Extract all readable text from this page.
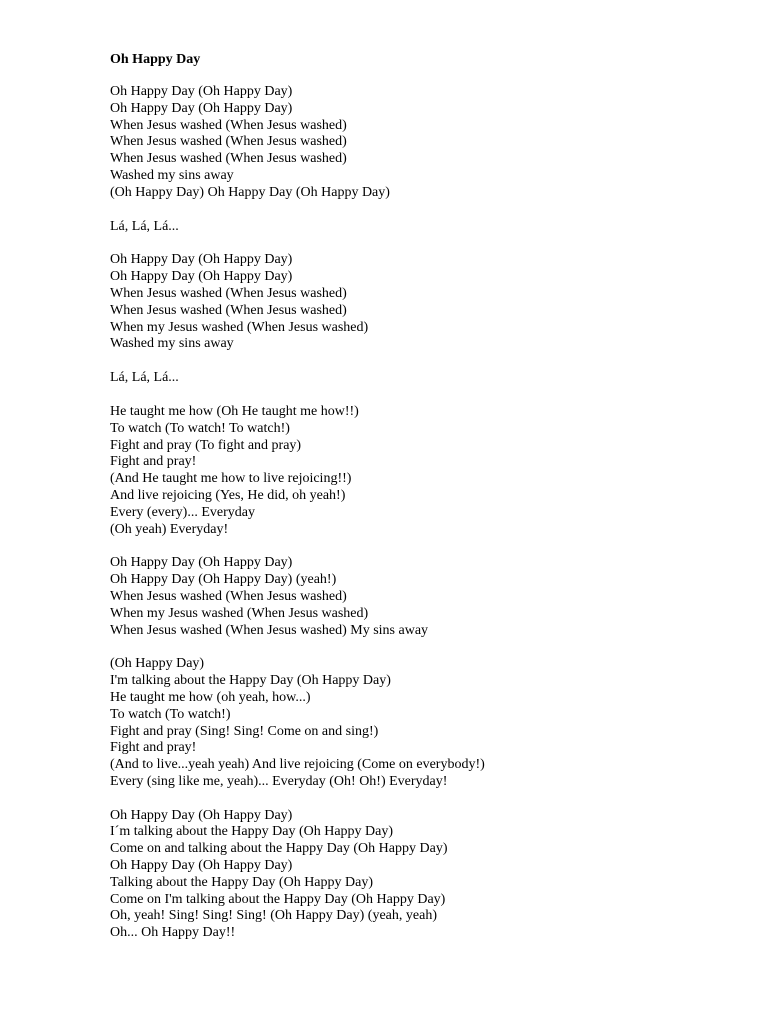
Oh Happy Day
Oh Happy Day (Oh Happy Day)
Oh Happy Day (Oh Happy Day)
When Jesus washed (When Jesus washed)
When Jesus washed (When Jesus washed)
When Jesus washed (When Jesus washed)
Washed my sins away
(Oh Happy Day) Oh Happy Day (Oh Happy Day)
Lá, Lá, Lá...
Oh Happy Day (Oh Happy Day)
Oh Happy Day (Oh Happy Day)
When Jesus washed (When Jesus washed)
When Jesus washed (When Jesus washed)
When my Jesus washed (When Jesus washed)
Washed my sins away
Lá, Lá, Lá...
He taught me how (Oh He taught me how!!)
To watch (To watch! To watch!)
Fight and pray (To fight and pray)
Fight and pray!
(And He taught me how to live rejoicing!!)
And live rejoicing (Yes, He did, oh yeah!)
Every (every)... Everyday
(Oh yeah) Everyday!
Oh Happy Day (Oh Happy Day)
Oh Happy Day (Oh Happy Day) (yeah!)
When Jesus washed (When Jesus washed)
When my Jesus washed (When Jesus washed)
When Jesus washed (When Jesus washed) My sins away
(Oh Happy Day)
I'm talking about the Happy Day (Oh Happy Day)
He taught me how (oh yeah, how...)
To watch (To watch!)
Fight and pray (Sing! Sing! Come on and sing!)
Fight and pray!
(And to live...yeah yeah) And live rejoicing (Come on everybody!)
Every (sing like me, yeah)... Everyday (Oh! Oh!) Everyday!
Oh Happy Day (Oh Happy Day)
I´m talking about the Happy Day (Oh Happy Day)
Come on and talking about the Happy Day (Oh Happy Day)
Oh Happy Day (Oh Happy Day)
Talking about the Happy Day (Oh Happy Day)
Come on I'm talking about the Happy Day (Oh Happy Day)
Oh, yeah! Sing! Sing! Sing! (Oh Happy Day) (yeah, yeah)
Oh... Oh Happy Day!!
